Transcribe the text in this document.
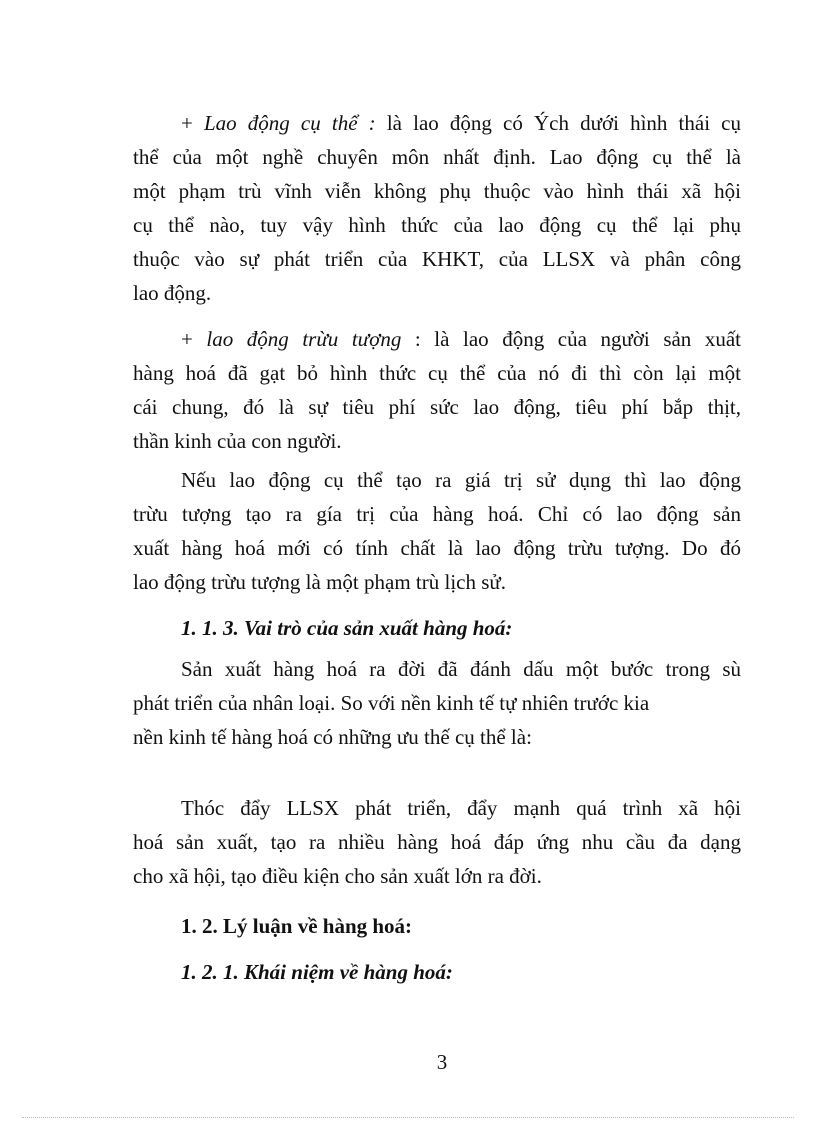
+ Lao động cụ thể : là lao động có Ých dưới hình thái cụ
thể của một nghề chuyên môn nhất định. Lao động cụ thể là
một phạm trù vĩnh viễn không phụ thuộc vào hình thái xã hội
cụ thể nào, tuy vậy hình thức của lao động cụ thể lại phụ
thuộc vào sự phát triển của KHKT, của LLSX và phân công
lao động.
+ lao động trừu tượng : là lao động của người sản xuất
hàng hoá đã gạt bỏ hình thức cụ thể của nó đi thì còn lại một
cái chung, đó là sự tiêu phí sức lao động, tiêu phí bắp thịt,
thần kinh của con người.
Nếu lao động cụ thể tạo ra giá trị sử dụng thì lao động
trừu tượng tạo ra gía trị của hàng hoá. Chỉ có lao động sản
xuất hàng hoá mới có tính chất là lao động trừu tượng. Do đó
lao động trừu tượng là một phạm trù lịch sử.
1. 1. 3. Vai trò của sản xuất hàng hoá:
Sản xuất hàng hoá ra đời đã đánh dấu một bước trong sù
phát triển của nhân loại. So với nền kinh tế tự nhiên trước kia
nền kinh tế hàng hoá có những ưu thế cụ thể là:
Thóc đẩy LLSX phát triển, đẩy mạnh quá trình xã hội
hoá sản xuất, tạo ra nhiều hàng hoá đáp ứng nhu cầu đa dạng
cho xã hội, tạo điều kiện cho sản xuất lớn ra đời.
1. 2. Lý luận về hàng hoá:
1. 2. 1. Khái niệm về hàng hoá:
3
